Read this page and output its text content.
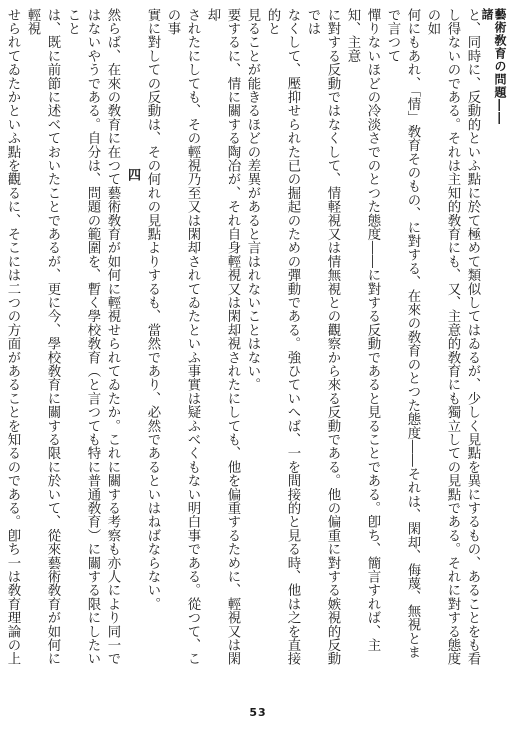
藝術敎育の問題――諸
と、同時に、反動的といふ點に於て極めて類似してはゐるが、少しく見點を異にするもの、あることをも看
し得ないのである。それは主知的敎育にも、又、主意的敎育にも獨立しての見點である。それに對する態度の如
何にもあれ、「情」敎育そのもの、に對する、在來の敎育のとつた態度――それは、閑却、侮蔑、無視とまで言つて
憚りないほどの冷淡さでのとつた態度――に對する反動であると見ることである。卽ち、簡言すれば、主知、主意
に對する反動ではなくして、情軽視又は情無視との觀察から來る反動である。他の偏重に對する嫉視的反動では
なくして、壓抑せられた已の掘起のための彈動である。強ひていへば、一を間接的と見る時、他は之を直接的と
見ることが能きるほどの差異があると言はれないことはない。
要するに、情に關する陶冶が、それ自身輕視又は閑却視されたにしても、他を偏重するために、輕視又は閑却
されたにしても、その輕視乃至又は閑却されてゐたといふ事實は疑ふべくもない明白事である。從つて、この事
實に對しての反動は、その何れの見點よりするも、當然であり、必然であるといはねばならない。
四
然らば、在來の敎育に在つて藝術敎育が如何に輕視せられてゐたか。これに關する考察も亦人により同一で
はないやうである。自分は、問題の範圍を、暫く學校敎育（と言つても特に普通敎育）に關する限にしたいこと
は、既に前節に述べておいたことであるが、更に今、學校敎育に關する限に於いて、從來藝術敎育が如何に輕視
せられてゐたかといふ點を觀るに、そこには二つの方面があることを知るのである。卽ち一は敎育理論の上
53
